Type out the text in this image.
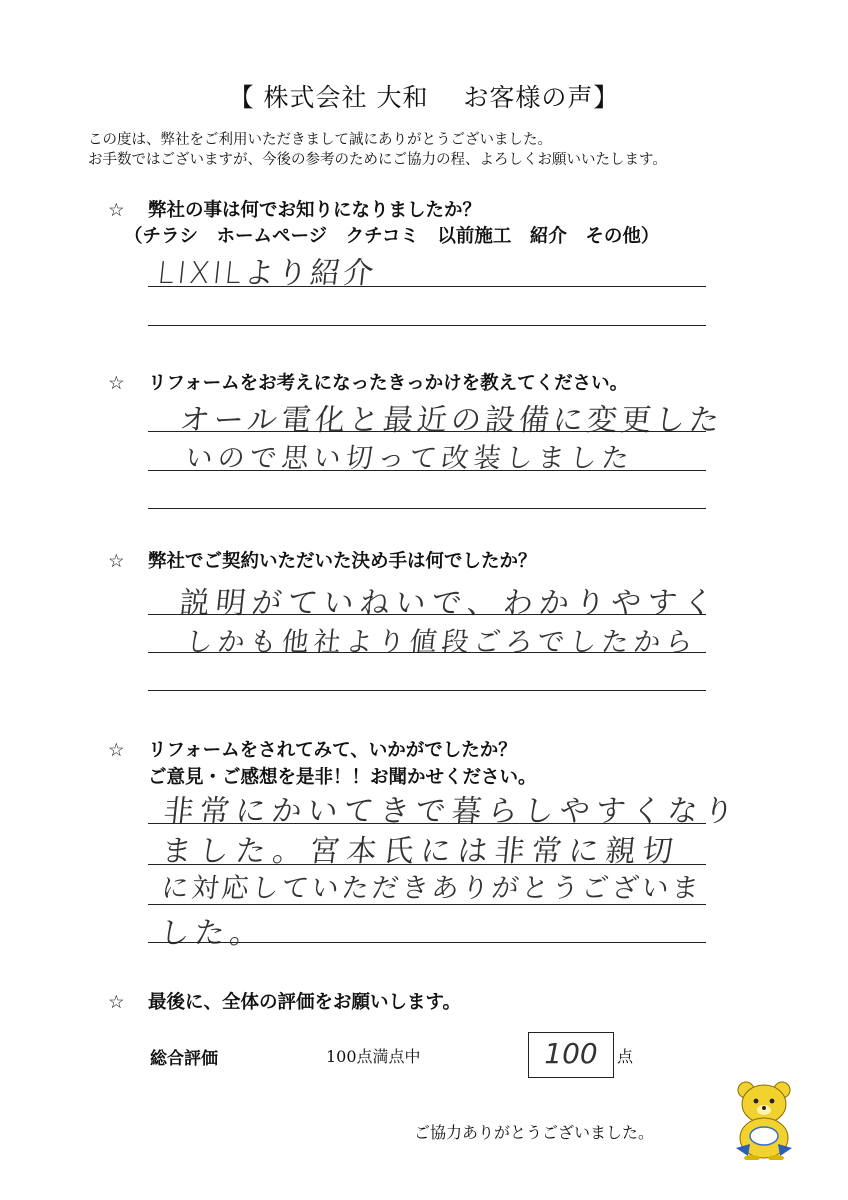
【 株式会社 大和　 お客様の声】
この度は、弊社をご利用いただきまして誠にありがとうございました。
お手数ではございますが、今後の参考のためにご協力の程、よろしくお願いいたします。
☆ 弊社の事は何でお知りになりましたか？
（チラシ　ホームページ　クチコミ　以前施工　紹介　その他）
LIXILより紹介
☆ リフォームをお考えになったきっかけを教えてください。
オール電化と最近の設備に変更した
いので思い切って改装しました
☆ 弊社でご契約いただいた決め手は何でしたか？
説明がていねいで、わかりやすく
しかも他社より値段ごろでしたから
☆ リフォームをされてみて、いかがでしたか？
ご意見・ご感想を是非！！お聞かせください。
非常にかいてきで暮らしやすくなり
ました。宮本氏には非常に親切
に対応していただきありがとうございま
した。
☆ 最後に、全体の評価をお願いします。
総合評価	100点満点中	100	点
ご協力ありがとうございました。
